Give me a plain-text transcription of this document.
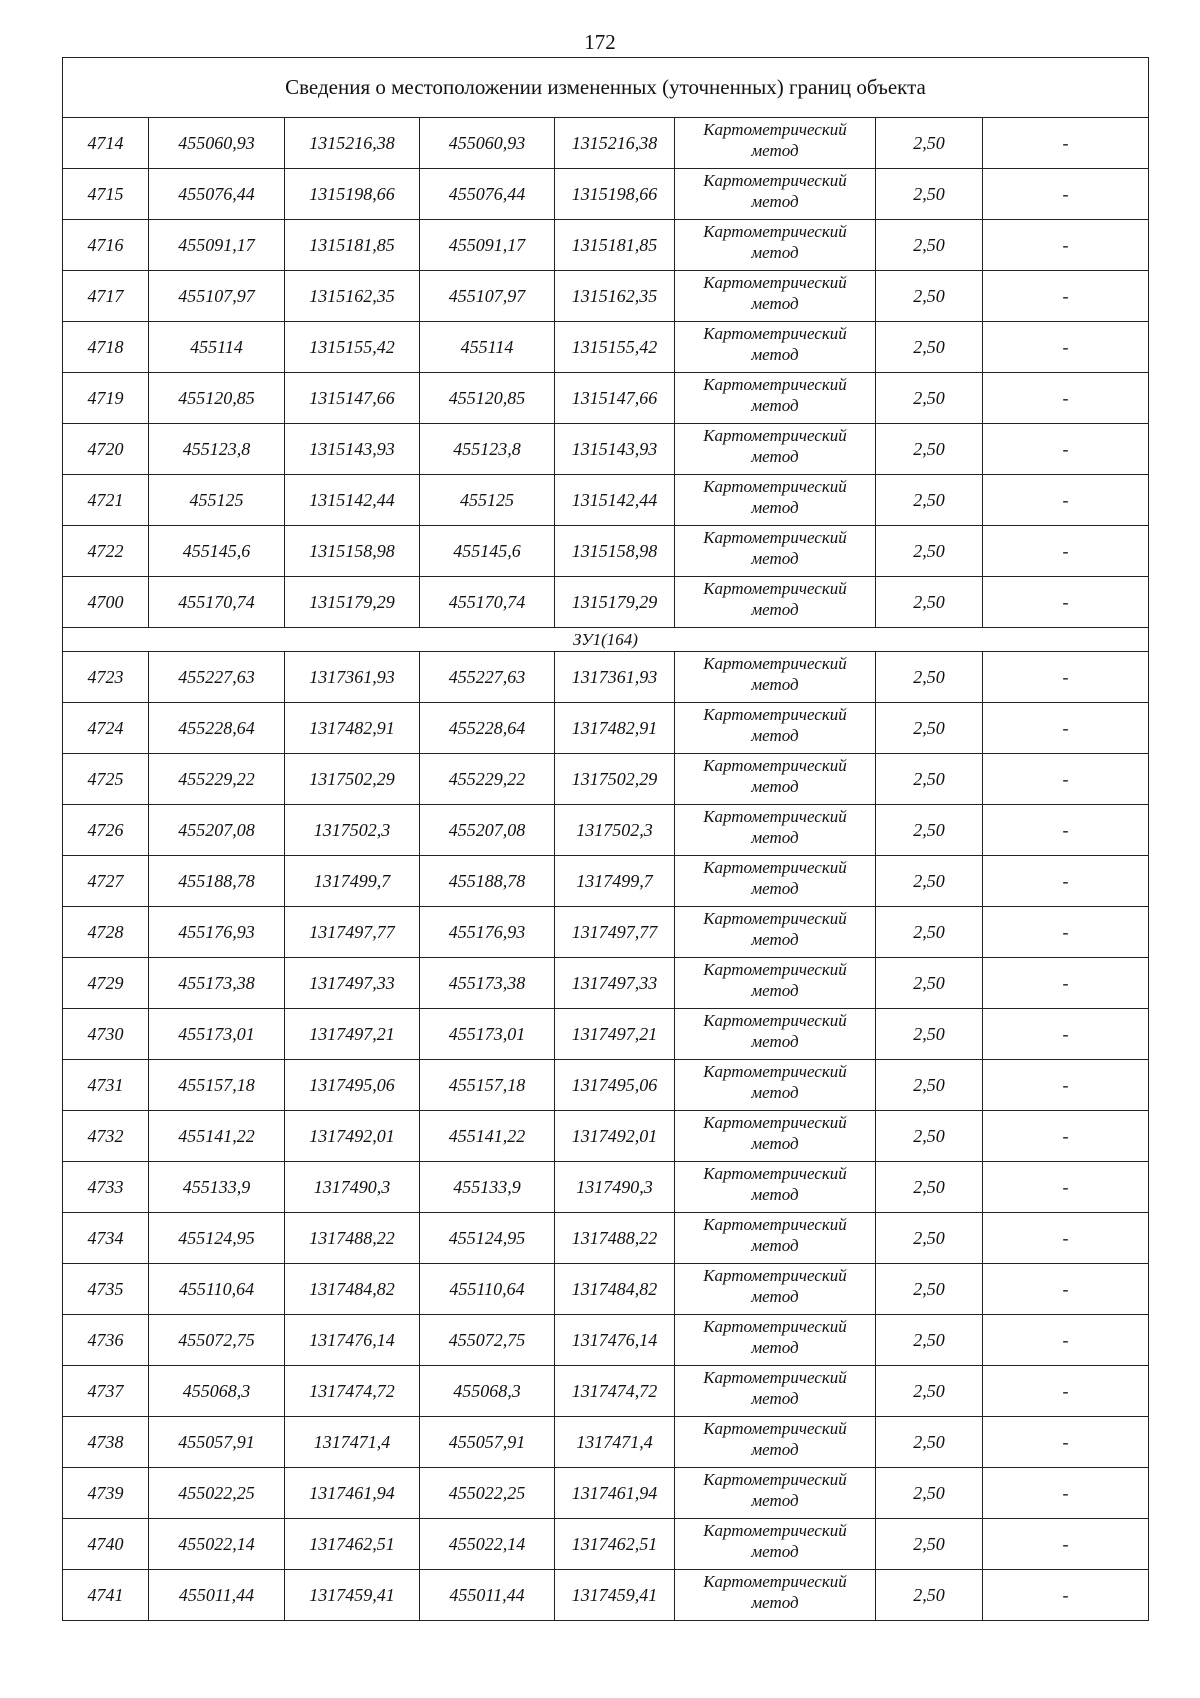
172
Сведения о местоположении измененных (уточненных) границ объекта							
4714	455060,93	1315216,38	455060,93	1315216,38	Картометрический
метод	2,50	-
4715	455076,44	1315198,66	455076,44	1315198,66	Картометрический
метод	2,50	-
4716	455091,17	1315181,85	455091,17	1315181,85	Картометрический
метод	2,50	-
4717	455107,97	1315162,35	455107,97	1315162,35	Картометрический
метод	2,50	-
4718	455114	1315155,42	455114	1315155,42	Картометрический
метод	2,50	-
4719	455120,85	1315147,66	455120,85	1315147,66	Картометрический
метод	2,50	-
4720	455123,8	1315143,93	455123,8	1315143,93	Картометрический
метод	2,50	-
4721	455125	1315142,44	455125	1315142,44	Картометрический
метод	2,50	-
4722	455145,6	1315158,98	455145,6	1315158,98	Картометрический
метод	2,50	-
4700	455170,74	1315179,29	455170,74	1315179,29	Картометрический
метод	2,50	-
ЗУ1(164)							
4723	455227,63	1317361,93	455227,63	1317361,93	Картометрический
метод	2,50	-
4724	455228,64	1317482,91	455228,64	1317482,91	Картометрический
метод	2,50	-
4725	455229,22	1317502,29	455229,22	1317502,29	Картометрический
метод	2,50	-
4726	455207,08	1317502,3	455207,08	1317502,3	Картометрический
метод	2,50	-
4727	455188,78	1317499,7	455188,78	1317499,7	Картометрический
метод	2,50	-
4728	455176,93	1317497,77	455176,93	1317497,77	Картометрический
метод	2,50	-
4729	455173,38	1317497,33	455173,38	1317497,33	Картометрический
метод	2,50	-
4730	455173,01	1317497,21	455173,01	1317497,21	Картометрический
метод	2,50	-
4731	455157,18	1317495,06	455157,18	1317495,06	Картометрический
метод	2,50	-
4732	455141,22	1317492,01	455141,22	1317492,01	Картометрический
метод	2,50	-
4733	455133,9	1317490,3	455133,9	1317490,3	Картометрический
метод	2,50	-
4734	455124,95	1317488,22	455124,95	1317488,22	Картометрический
метод	2,50	-
4735	455110,64	1317484,82	455110,64	1317484,82	Картометрический
метод	2,50	-
4736	455072,75	1317476,14	455072,75	1317476,14	Картометрический
метод	2,50	-
4737	455068,3	1317474,72	455068,3	1317474,72	Картометрический
метод	2,50	-
4738	455057,91	1317471,4	455057,91	1317471,4	Картометрический
метод	2,50	-
4739	455022,25	1317461,94	455022,25	1317461,94	Картометрический
метод	2,50	-
4740	455022,14	1317462,51	455022,14	1317462,51	Картометрический
метод	2,50	-
4741	455011,44	1317459,41	455011,44	1317459,41	Картометрический
метод	2,50	-
